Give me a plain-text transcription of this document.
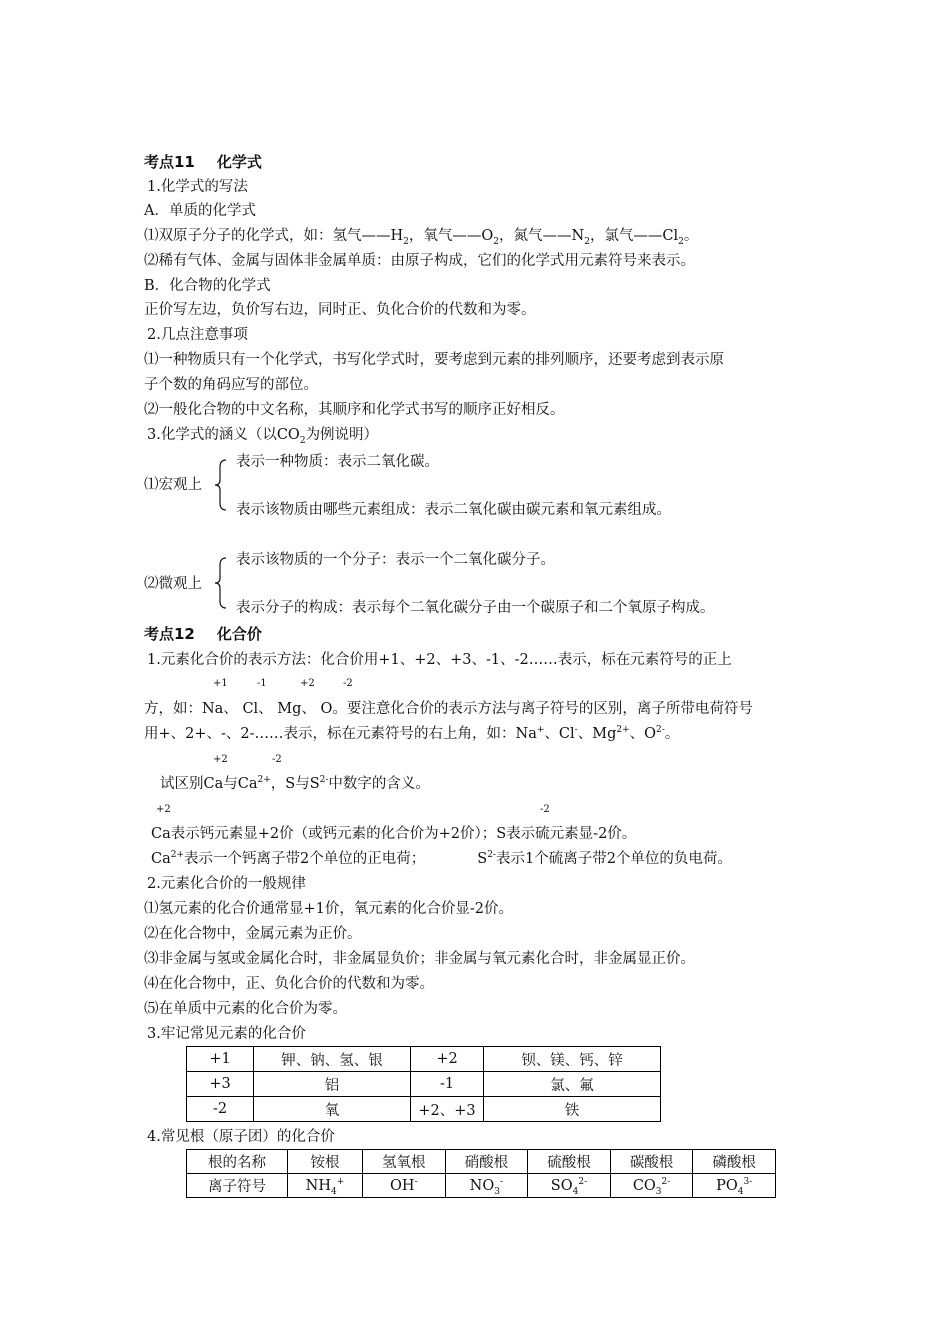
考点11 化学式
1.化学式的写法
A．单质的化学式
⑴双原子分子的化学式，如：氢气$——H_2$，氧气$——O_2$，氮气$——N_2$，氯气$——Cl_2$。
⑵稀有气体、金属与固体非金属单质：由原子构成，它们的化学式用元素符号来表示。
B．化合物的化学式
正价写左边，负价写右边，同时正、负化合价的代数和为零。
2.几点注意事项
⑴一种物质只有一个化学式，书写化学式时，要考虑到元素的排列顺序，还要考虑到表示原
子个数的角码应写的部位。
⑵一般化合物的中文名称，其顺序和化学式书写的顺序正好相反。
3.化学式的涵义（以$CO_2$为例说明）
⑴宏观上
表示一种物质：表示二氧化碳。
表示该物质由哪些元素组成：表示二氧化碳由碳元素和氧元素组成。
⑵微观上
表示该物质的一个分子：表示一个二氧化碳分子。
表示分子的构成：表示每个二氧化碳分子由一个碳原子和二个氧原子构成。
考点12 化合价
1.元素化合价的表示方法：化合价用+1、+2、+3、-1、-2……表示，标在元素符号的正上
+1	-1	+2	-2
方，如：Na、 Cl、 Mg、 O。要注意化合价的表示方法与离子符号的区别，离子所带电荷符号
用+、2+、-、2-……表示，标在元素符号的右上角，如：Na+、Cl-、$Mg^{2+}$、$O^{2-}$。
+2	-2
试区别Ca与$Ca^{2+}$，S与$S^{2-}$中数字的含义。
+2	-2
Ca表示钙元素显+2价（或钙元素的化合价为+2价）；S表示硫元素显-2价。
$Ca^{2+}$表示一个钙离子带2个单位的正电荷；	$S^{2-}$表示1个硫离子带2个单位的负电荷。
2.元素化合价的一般规律
⑴氢元素的化合价通常显+1价，氧元素的化合价显-2价。
⑵在化合物中，金属元素为正价。
⑶非金属与氢或金属化合时，非金属显负价；非金属与氧元素化合时，非金属显正价。
⑷在化合物中，正、负化合价的代数和为零。
⑸在单质中元素的化合价为零。
3.牢记常见元素的化合价
+1	钾、钠、氢、银	+2	钡、镁、钙、锌
+3	铝	-1	氯、氟
-2	氧	+2、+3	铁
4.常见根（原子团）的化合价
根的名称	铵根	氢氧根	硝酸根	硫酸根	碳酸根	磷酸根
离子符号	$NH_4^+$	OH-	$NO_3^-$	$SO_4^{2-}$	$CO_3^{2-}$	$PO_4^{3-}$
